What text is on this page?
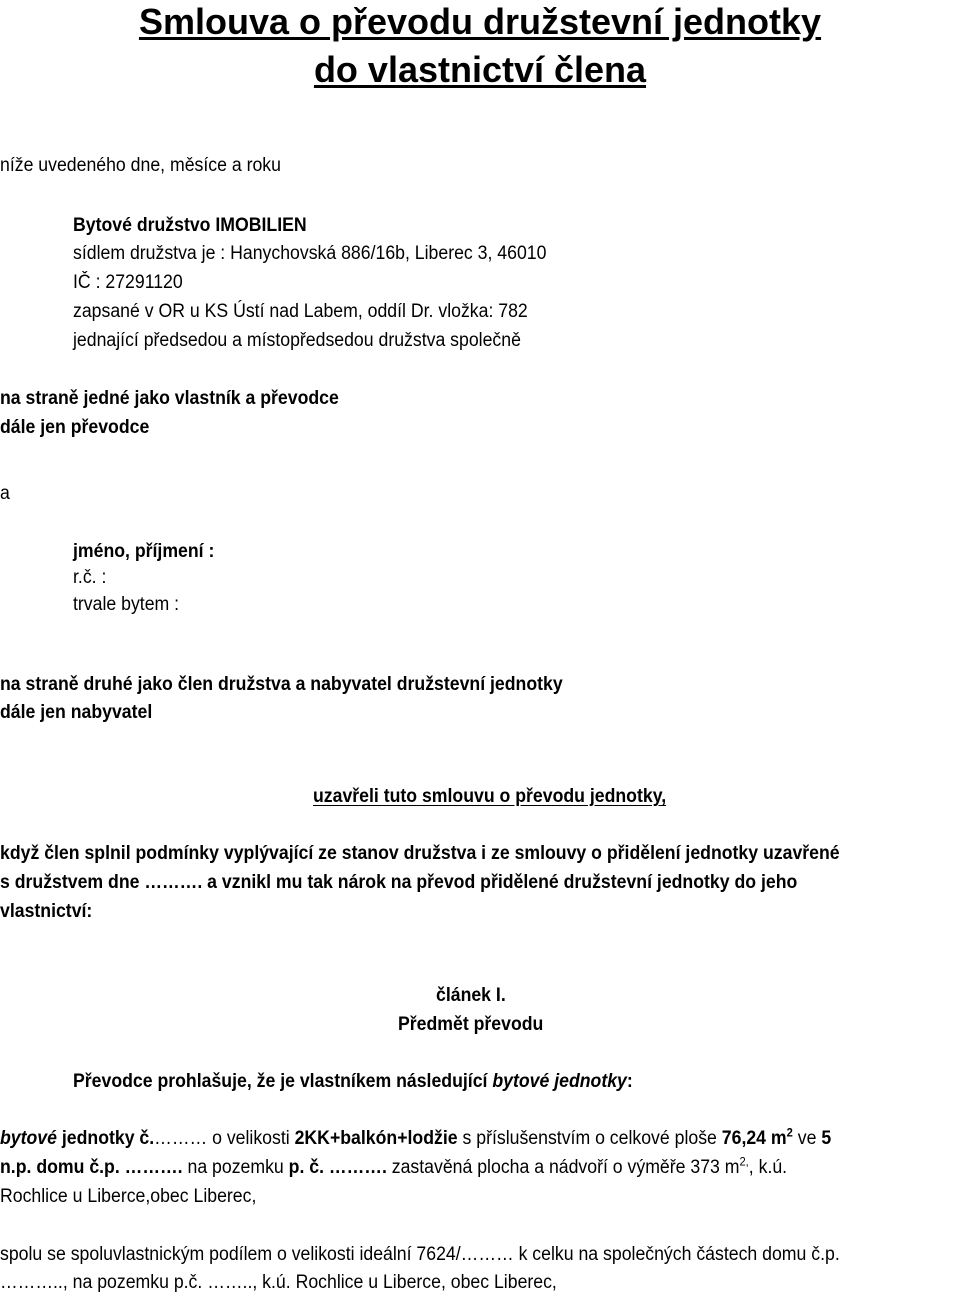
Smlouva o převodu družstevní jednotky
do vlastnictví člena
níže uvedeného dne, měsíce a roku
Bytové družstvo IMOBILIEN
sídlem družstva je : Hanychovská 886/16b, Liberec 3, 46010
IČ : 27291120
zapsané v OR u KS Ústí nad Labem, oddíl Dr. vložka: 782
jednající předsedou a místopředsedou družstva společně
na straně jedné jako vlastník a převodce
dále jen převodce
a
jméno, příjmení :
r.č. :
trvale bytem :
na straně druhé jako člen družstva a nabyvatel družstevní jednotky
dále jen nabyvatel
uzavřeli tuto smlouvu o převodu jednotky,
když člen splnil podmínky vyplývající ze stanov družstva i ze smlouvy o přidělení jednotky uzavřené
s družstvem dne ………. a vznikl mu tak nárok na převod přidělené družstevní jednotky do jeho
vlastnictví:
článek I.
Předmět převodu
Převodce prohlašuje, že je vlastníkem následující bytové jednotky:
bytové jednotky č.……… o velikosti 2KK+balkón+lodžie s příslušenstvím o celkové ploše 76,24 $m^2$ ve 5
n.p. domu č.p. ………. na pozemku p. č. ………. zastavěná plocha a nádvoří o výměře 373 $m^{2,}$, k.ú.
Rochlice u Liberce,obec Liberec,
spolu se spoluvlastnickým podílem o velikosti ideální 7624/……… k celku na společných částech domu č.p.
……….., na pozemku p.č. …….., k.ú. Rochlice u Liberce, obec Liberec,
